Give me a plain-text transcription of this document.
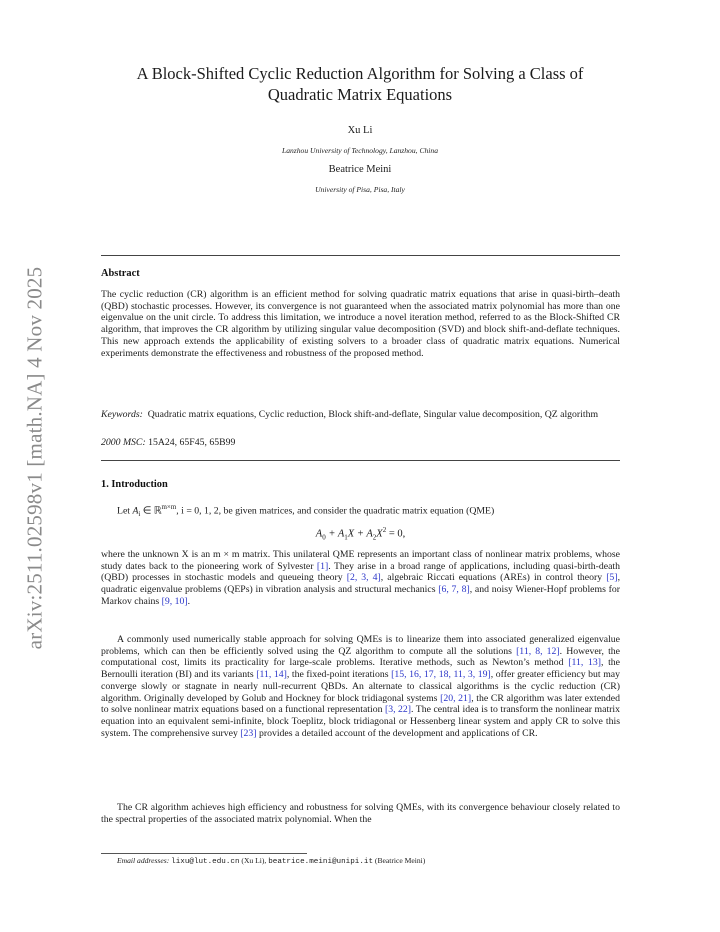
arXiv:2511.02598v1 [math.NA] 4 Nov 2025
A Block-Shifted Cyclic Reduction Algorithm for Solving a Class of
Quadratic Matrix Equations
Xu Li
Lanzhou University of Technology, Lanzhou, China
Beatrice Meini
University of Pisa, Pisa, Italy
Abstract

The cyclic reduction (CR) algorithm is an efficient method for solving quadratic matrix equations that arise in quasi-birth–death (QBD) stochastic processes. However, its convergence is not guaranteed when the associated matrix polynomial has more than one eigenvalue on the unit circle. To address this limitation, we introduce a novel iteration method, referred to as the Block-Shifted CR algorithm, that improves the CR algorithm by utilizing singular value decomposition (SVD) and block shift-and-deflate techniques. This new approach extends the applicability of existing solvers to a broader class of quadratic matrix equations. Numerical experiments demonstrate the effectiveness and robustness of the proposed method.

Keywords: Quadratic matrix equations, Cyclic reduction, Block shift-and-deflate, Singular value decomposition, QZ algorithm

2000 MSC: 15A24, 65F45, 65B99

1. Introduction

Let $A_i$ ∈ ℝ$^{m\times m}$, i = 0, 1, 2, be given matrices, and consider the quadratic matrix equation (QME)

$A_0 + A_1X + A_2X^2 = 0$,

where the unknown X is an m × m matrix. This unilateral QME represents an important class of nonlinear matrix problems, whose study dates back to the pioneering work of Sylvester [1]. They arise in a broad range of applications, including quasi-birth-death (QBD) processes in stochastic models and queueing theory [2, 3, 4], algebraic Riccati equations (AREs) in control theory [5], quadratic eigenvalue problems (QEPs) in vibration analysis and structural mechanics [6, 7, 8], and noisy Wiener-Hopf problems for Markov chains [9, 10].

A commonly used numerically stable approach for solving QMEs is to linearize them into associated generalized eigenvalue problems, which can then be efficiently solved using the QZ algorithm to compute all the solutions [11, 8, 12]. However, the computational cost, limits its practicality for large-scale problems. Iterative methods, such as Newton’s method [11, 13], the Bernoulli iteration (BI) and its variants [11, 14], the fixed-point iterations [15, 16, 17, 18, 11, 3, 19], offer greater efficiency but may converge slowly or stagnate in nearly null-recurrent QBDs. An alternate to classical algorithms is the cyclic reduction (CR) algorithm. Originally developed by Golub and Hockney for block tridiagonal systems [20, 21], the CR algorithm was later extended to solve nonlinear matrix equations based on a functional representation [3, 22]. The central idea is to transform the nonlinear matrix equation into an equivalent semi-infinite, block Toeplitz, block tridiagonal or Hessenberg linear system and apply CR to solve this system. The comprehensive survey [23] provides a detailed account of the development and applications of CR.

The CR algorithm achieves high efficiency and robustness for solving QMEs, with its convergence behaviour closely related to the spectral properties of the associated matrix polynomial. When the

Email addresses: lixu@lut.edu.cn (Xu Li), beatrice.meini@unipi.it (Beatrice Meini)
